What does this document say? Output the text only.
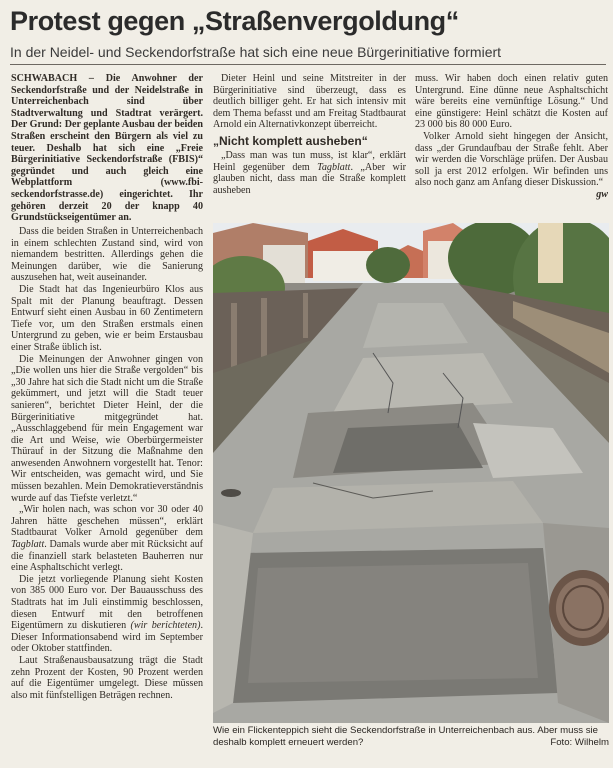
Protest gegen „Straßenvergoldung“
In der Neidel- und Seckendorfstraße hat sich eine neue Bürgerinitiative formiert

SCHWABACH – Die Anwohner der Seckendorfstraße und der Neidelstraße in Unterreichenbach sind über Stadtverwaltung und Stadtrat verärgert. Der Grund: Der geplante Ausbau der beiden Straßen erscheint den Bürgern als viel zu teuer. Deshalb hat sich eine „Freie Bürgerinitiative Seckendorfstraße (FBIS)“ gegründet und auch gleich eine Webplattform (www.fbi-seckendorfstrasse.de) eingerichtet. Ihr gehören derzeit 20 der knapp 40 Grundstückseigentümer an.

Dass die beiden Straßen in Unterreichenbach in einem schlechten Zustand sind, wird von niemandem bestritten. Allerdings gehen die Meinungen darüber, wie die Sanierung auszusehen hat, weit auseinander.

Die Stadt hat das Ingenieurbüro Klos aus Spalt mit der Planung beauftragt. Dessen Entwurf sieht einen Ausbau in 60 Zentimetern Tiefe vor, um den Straßen erstmals einen Untergrund zu geben, wie er beim Erstausbau einer Straße üblich ist.

Die Meinungen der Anwohner gingen von „Die wollen uns hier die Straße vergolden“ bis „30 Jahre hat sich die Stadt nicht um die Straße gekümmert, und jetzt will die Stadt teuer sanieren“, berichtet Dieter Heinl, der die Bürgerinitiative mitgegründet hat. „Ausschlaggebend für mein Engagement war die Art und Weise, wie Oberbürgermeister Thürauf in der Sitzung die Maßnahme den anwesenden Anwohnern vorgestellt hat. Tenor: Wir entscheiden, was gemacht wird, und Sie müssen bezahlen. Mein Demokratieverständnis wurde auf das Tiefste verletzt.“

„Wir holen nach, was schon vor 30 oder 40 Jahren hätte geschehen müssen“, erklärt Stadtbaurat Volker Arnold gegenüber dem Tagblatt. Damals wurde aber mit Rücksicht auf die finanziell stark belasteten Bauherren nur eine Asphaltschicht verlegt.

Die jetzt vorliegende Planung sieht Kosten von 385 000 Euro vor. Der Bauausschuss des Stadtrats hat im Juli einstimmig beschlossen, diesen Entwurf mit den betroffenen Eigentümern zu diskutieren (wir berichteten). Dieser Informationsabend wird im September oder Oktober stattfinden.

Laut Straßenausbausatzung trägt die Stadt zehn Prozent der Kosten, 90 Prozent werden auf die Eigentümer umgelegt. Diese müssen also mit fünfstelligen Beträgen rechnen.

Dieter Heinl und seine Mitstreiter in der Bürgerinitiative sind überzeugt, dass es deutlich billiger geht. Er hat sich intensiv mit dem Thema befasst und am Freitag Stadtbaurat Arnold ein Alternativkonzept überreicht.

„Nicht komplett ausheben“

„Dass man was tun muss, ist klar“, erklärt Heinl gegenüber dem Tagblatt. „Aber wir glauben nicht, dass man die Straße komplett ausheben

muss. Wir haben doch einen relativ guten Untergrund. Eine dünne neue Asphaltschicht wäre bereits eine vernünftige Lösung.“ Und eine günstigere: Heinl schätzt die Kosten auf 23 000 bis 80 000 Euro.

Volker Arnold sieht hingegen der Ansicht, dass „der Grundaufbau der Straße fehlt. Aber wir werden die Vorschläge prüfen. Der Ausbau soll ja erst 2012 erfolgen. Wir befinden uns also noch ganz am Anfang dieser Diskussion.“
gw

Wie ein Flickenteppich sieht die Seckendorfstraße in Unterreichenbach aus. Aber muss sie deshalb komplett erneuert werden?	Foto: Wilhelm
